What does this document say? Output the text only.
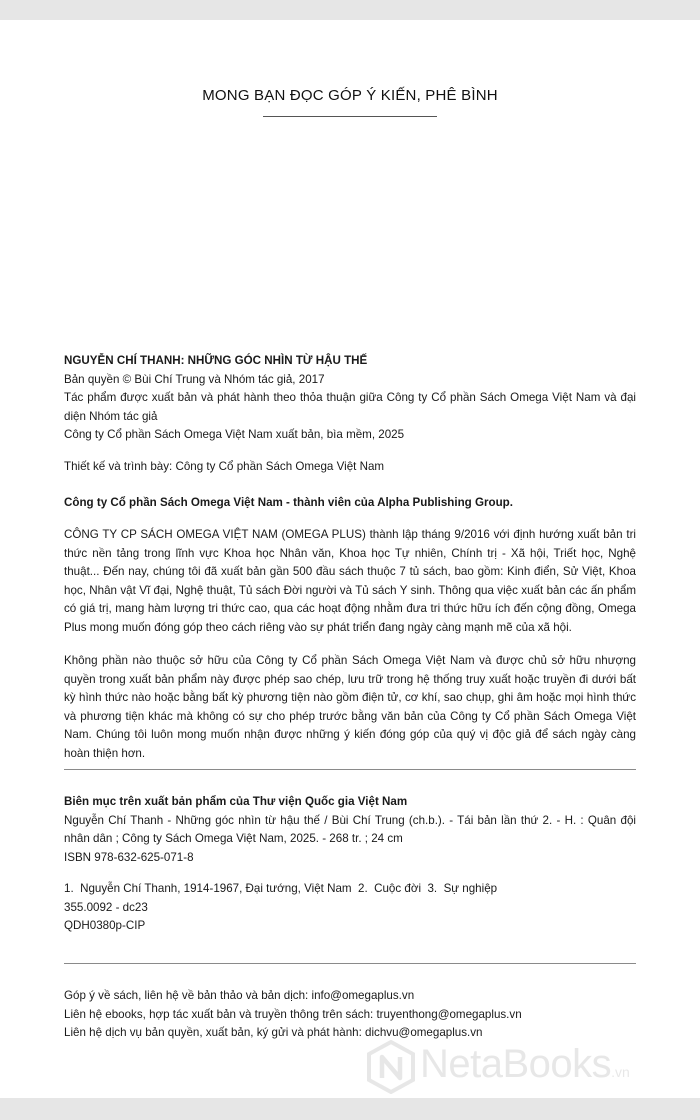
MONG BẠN ĐỌC GÓP Ý KIẾN, PHÊ BÌNH

NGUYỄN CHÍ THANH: NHỮNG GÓC NHÌN TỪ HẬU THẾ

Bản quyền © Bùi Chí Trung và Nhóm tác giả, 2017

Tác phẩm được xuất bản và phát hành theo thỏa thuận giữa Công ty Cổ phần Sách Omega Việt Nam và đại diện Nhóm tác giả

Công ty Cổ phần Sách Omega Việt Nam xuất bản, bìa mềm, 2025

Thiết kế và trình bày: Công ty Cổ phần Sách Omega Việt Nam
Công ty Cổ phần Sách Omega Việt Nam - thành viên của Alpha Publishing Group.
CÔNG TY CP SÁCH OMEGA VIỆT NAM (OMEGA PLUS) thành lập tháng 9/2016 với định hướng xuất bản tri thức nền tảng trong lĩnh vực Khoa học Nhân văn, Khoa học Tự nhiên, Chính trị - Xã hội, Triết học, Nghệ thuật... Đến nay, chúng tôi đã xuất bản gần 500 đầu sách thuộc 7 tủ sách, bao gồm: Kinh điển, Sử Việt, Khoa học, Nhân vật Vĩ đại, Nghệ thuật, Tủ sách Đời người và Tủ sách Y sinh. Thông qua việc xuất bản các ấn phẩm có giá trị, mang hàm lượng tri thức cao, qua các hoạt động nhằm đưa tri thức hữu ích đến cộng đồng, Omega Plus mong muốn đóng góp theo cách riêng vào sự phát triển đang ngày càng mạnh mẽ của xã hội.
Không phần nào thuộc sở hữu của Công ty Cổ phần Sách Omega Việt Nam và được chủ sở hữu nhượng quyền trong xuất bản phẩm này được phép sao chép, lưu trữ trong hệ thống truy xuất hoặc truyền đi dưới bất kỳ hình thức nào hoặc bằng bất kỳ phương tiện nào gồm điện tử, cơ khí, sao chụp, ghi âm hoặc mọi hình thức và phương tiện khác mà không có sự cho phép trước bằng văn bản của Công ty Cổ phần Sách Omega Việt Nam. Chúng tôi luôn mong muốn nhận được những ý kiến đóng góp của quý vị độc giả để sách ngày càng hoàn thiện hơn.

Biên mục trên xuất bản phẩm của Thư viện Quốc gia Việt Nam

Nguyễn Chí Thanh - Những góc nhìn từ hậu thế / Bùi Chí Trung (ch.b.). - Tái bản lần thứ 2. - H. : Quân đội nhân dân ; Công ty Sách Omega Việt Nam, 2025. - 268 tr. ; 24 cm

ISBN 978-632-625-071-8

1.  Nguyễn Chí Thanh, 1914-1967, Đại tướng, Việt Nam  2.  Cuộc đời  3.  Sự nghiệp

355.0092 - dc23

QDH0380p-CIP

Góp ý về sách, liên hệ về bản thảo và bản dịch: info@omegaplus.vn

Liên hệ ebooks, hợp tác xuất bản và truyền thông trên sách: truyenthong@omegaplus.vn

Liên hệ dịch vụ bản quyền, xuất bản, ký gửi và phát hành: dichvu@omegaplus.vn

NetaBooks.vn
